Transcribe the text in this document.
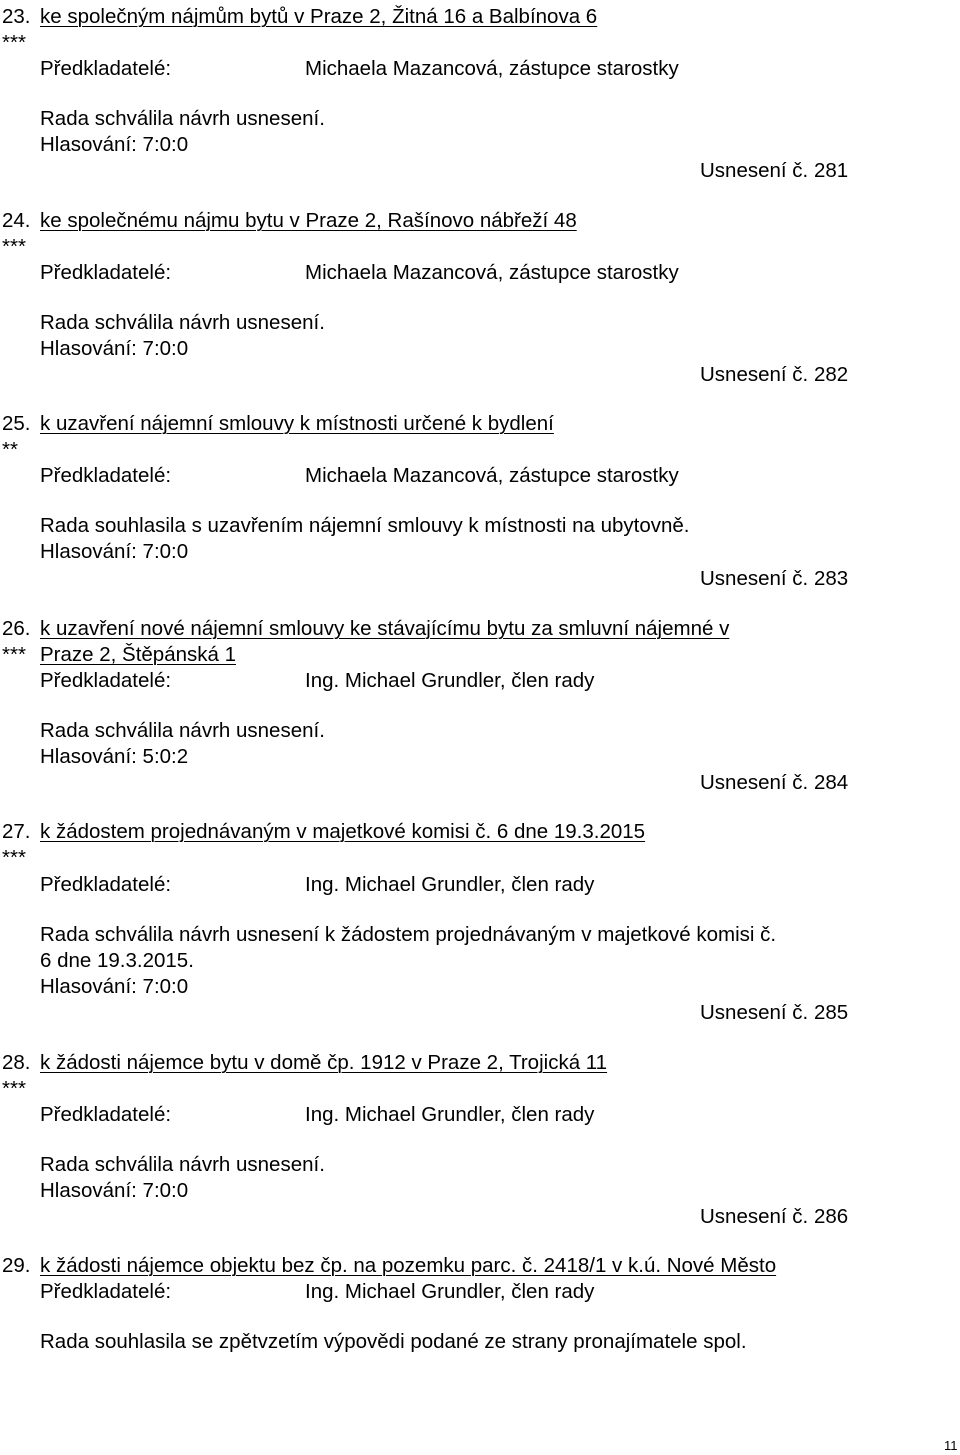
23. ke společným nájmům bytů v Praze 2, Žitná 16 a Balbínova 6
***
Předkladatelé:	Michaela Mazancová, zástupce starostky
Rada schválila návrh usnesení.
Hlasování: 7:0:0
Usnesení č. 281
24. ke společnému nájmu bytu v Praze 2, Rašínovo nábřeží 48
***
Předkladatelé:	Michaela Mazancová, zástupce starostky
Rada schválila návrh usnesení.
Hlasování: 7:0:0
Usnesení č. 282
25. k uzavření nájemní smlouvy k místnosti určené k bydlení
**
Předkladatelé:	Michaela Mazancová, zástupce starostky
Rada souhlasila s uzavřením nájemní smlouvy k místnosti na ubytovně.
Hlasování: 7:0:0
Usnesení č. 283
26. k uzavření nové nájemní smlouvy ke stávajícímu bytu za smluvní nájemné v
*** Praze 2, Štěpánská 1
Předkladatelé:	Ing. Michael Grundler, člen rady
Rada schválila návrh usnesení.
Hlasování: 5:0:2
Usnesení č. 284
27. k žádostem projednávaným v majetkové komisi č. 6 dne 19.3.2015
***
Předkladatelé:	Ing. Michael Grundler, člen rady
Rada schválila návrh usnesení k žádostem projednávaným v majetkové komisi č.
6 dne 19.3.2015.
Hlasování: 7:0:0
Usnesení č. 285
28. k žádosti nájemce bytu v domě čp. 1912 v Praze 2, Trojická 11
***
Předkladatelé:	Ing. Michael Grundler, člen rady
Rada schválila návrh usnesení.
Hlasování: 7:0:0
Usnesení č. 286
29. k žádosti nájemce objektu bez čp. na pozemku parc. č. 2418/1 v k.ú. Nové Město
Předkladatelé:	Ing. Michael Grundler, člen rady
Rada souhlasila se zpětvzetím výpovědi podané ze strany pronajímatele spol.
11
